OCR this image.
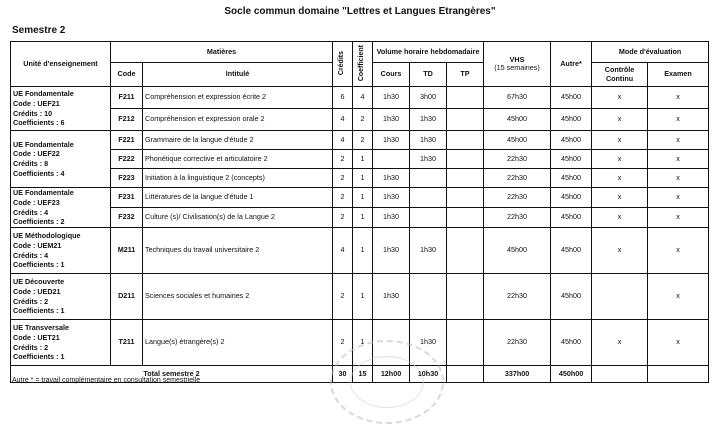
Socle commun domaine "Lettres et Langues Etrangères"
Semestre 2
Unité d'enseignement	Matières		Crédits	Coefficient	Volume horaire hebdomadaire			VHS
(15 semaines)	Autre*	Mode d'évaluation	
	Code	Intitulé			Cours	TD	TP			Contrôle Continu	Examen

UE Fondamentale
Code : UEF21
Crédits : 10
Coefficients : 6	F211	Compréhension et expression écrite 2	6	4	1h30	3h00		67h30	45h00	x	x
	F212	Compréhension et expression orale 2	4	2	1h30	1h30		45h00	45h00	x	x

UE Fondamentale
Code : UEF22
Crédits : 8
Coefficients : 4	F221	Grammaire de la langue d'étude 2	4	2	1h30	1h30		45h00	45h00	x	x
	F222	Phonétique corrective et articulatoire 2	2	1		1h30		22h30	45h00	x	x
	F223	Initiation à la linguistique 2 (concepts)	2	1	1h30			22h30	45h00	x	x

UE Fondamentale
Code : UEF23
Crédits : 4
Coefficients : 2	F231	Littératures de la langue d'étude 1	2	1	1h30			22h30	45h00	x	x
	F232	Culture (s)/ Civilisation(s) de la Langue 2	2	1	1h30			22h30	45h00	x	x

UE Méthodologique
Code : UEM21
Crédits : 4
Coefficients : 1	M211	Techniques du travail universitaire 2	4	1	1h30	1h30		45h00	45h00	x	x

UE Découverte
Code : UED21
Crédits : 2
Coefficients : 1	D211	Sciences sociales et humaines 2	2	1	1h30			22h30	45h00		x

UE Transversale
Code : UET21
Crédits : 2
Coefficients : 1	T211	Langue(s) étrangère(s) 2	2	1		1h30		22h30	45h00	x	x
Total semestre 2			30	15	12h00	10h30		337h00	450h00		
Autre * = travail complémentaire en consultation semestrielle
